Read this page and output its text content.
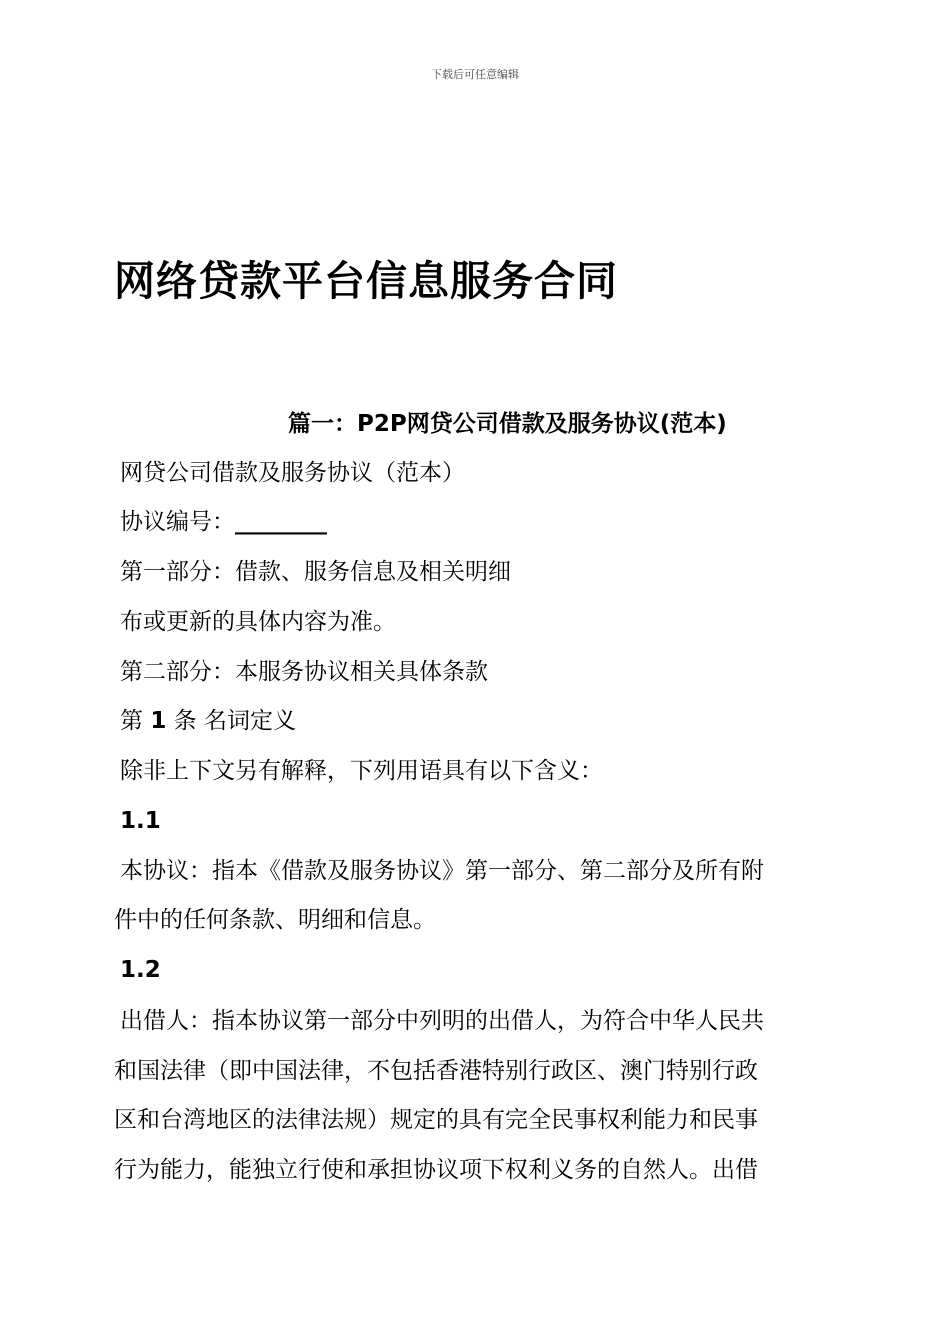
下载后可任意编辑
网络贷款平台信息服务合同
篇一：P2P网贷公司借款及服务协议(范本)
网贷公司借款及服务协议（范本）
协议编号：________
第一部分：借款、服务信息及相关明细
布或更新的具体内容为准。
第二部分：本服务协议相关具体条款
第 1 条 名词定义
除非上下文另有解释，下列用语具有以下含义：
1.1
本协议：指本《借款及服务协议》第一部分、第二部分及所有附
件中的任何条款、明细和信息。
1.2
出借人：指本协议第一部分中列明的出借人，为符合中华人民共
和国法律（即中国法律，不包括香港特别行政区、澳门特别行政
区和台湾地区的法律法规）规定的具有完全民事权利能力和民事
行为能力，能独立行使和承担协议项下权利义务的自然人。出借
